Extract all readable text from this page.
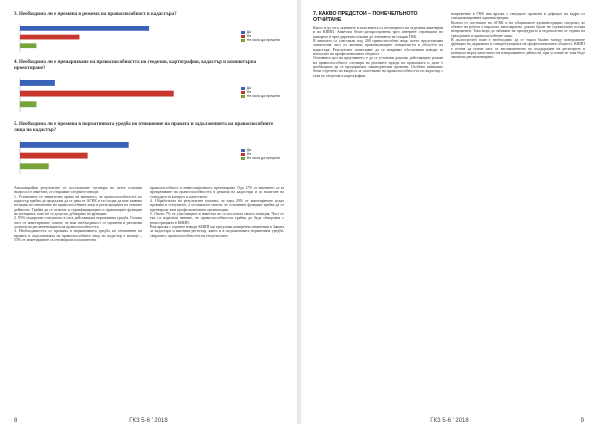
3. Необходима ли е промяна в режима на правоспособност в кадастъра?
Да
Не
Не мога да преценя
4. Необходима ли е пренарязване на правоспособността по геодезия, картография, кадастър и компютърна проектиране?
Да
Не
Не мога да преценя
5. Необходима ли е промяна в нормативната уредба по отношение на правата и задълженията на правоспособните лица по кадастър?
Да
Не
Не мога да преценя
Анализирайки резултатите от постъпилите отговори на петте основни въпроса от анкетата, се открояват следните изводи:
1. Установено се значително право на мнението, че правоспособността по кадастър трябва да продължи да се дава от АГКК и тя следва да има заявена позиция по отношение на правоспособните лица и регистрацията на техните дейности. Трябва да се отчитат и сертифициращите и приемащите функции на агенцията, като не се допуска дублиране на функции.
2. 95% подкрепят статуквото в сега действащата нормативна уредба. Голяма част от анкетираните смятат, че има необходимост от промени в различни аспекти на регламентацията на правоспособността.
3. Необходимостта от промяна в нормативната уредба по отношение на правата и задълженията на правоспособните лица по кадастър е налице – 53% от анкетираните са отговорили положително.
правоспособност и инвестиционното проектиране. Ода 17% от мнението са за прекратяване на правоспособността в режима на кадастъра и за налагане на стандарти за контрол и качеството.
4. Обработката на резултатите показва, че едва 29% от анкетираните искат промяна в статуквото, а останалите смятат, че основните функции трябва да се прехвърлят към професионалната организация.
5. Около 7% от участниците в анкетата не са посочили своята позиция. Част от тях са изразили мнение, че правоспособността трябва да бъде обвързана с регистрацията в КИИП.
Във връзка с горните изводи КИИП ще предложи конкретни изменения в Закона за кадастъра и имотния регистър, както и в подзаконовата нормативна уредба, свързана с правоспособността на геодезистите.
8	ГКЗ 5-6 ' 2018
7. КАКВО ПРЕДСТОИ – ПОНЕЧЕЛЪНОТО ОТЧИТАНЕ
Както и до сега, оценките в тази анкета са отговорност на отделния анкетиран и на КИИП. Анкетата беше разпространена чрез интернет страницата на камарата и чрез директни покани до членовете на секция ГКК.
В анкетата са участвали над 200 правоспособни лица, което представлява значителна част от активно практикуващите специалисти в областта на кадастъра. Резултатите позволяват да се направят обосновани изводи за нагласите на професионалната общност.
Основната цел на проучването е да се установи доколко действащият режим на правоспособност отговаря на реалните нужди на практиката и дали е необходимо да се предприемат законодателни промени. Особено внимание беше отделено на въпроса за съчетаване на правоспособността по кадастър с тази по геодезия и картография.
напрежение в ГКК във връзка с текущите промени и дефицит на кадри от специализираните администрации.
Колеги от системата на АГКК и на общинските администрации споделят, че обемът на работа е нараснал многократно, докато броят на служителите остава непроменен. Това води до забавяне на процедурите и недоволство от страна на гражданите и правоспособните лица.
В дългосрочен план е необходимо да се търси баланс между контролните функции на държавата и саморегулацията на професионалната общност. КИИП е готова да поеме част от ангажиментите по поддържане на регистрите и контрола върху качеството на извършваните дейности, при условие че това бъде законово регламентирано.
ГКЗ 5-6 ' 2018	9
